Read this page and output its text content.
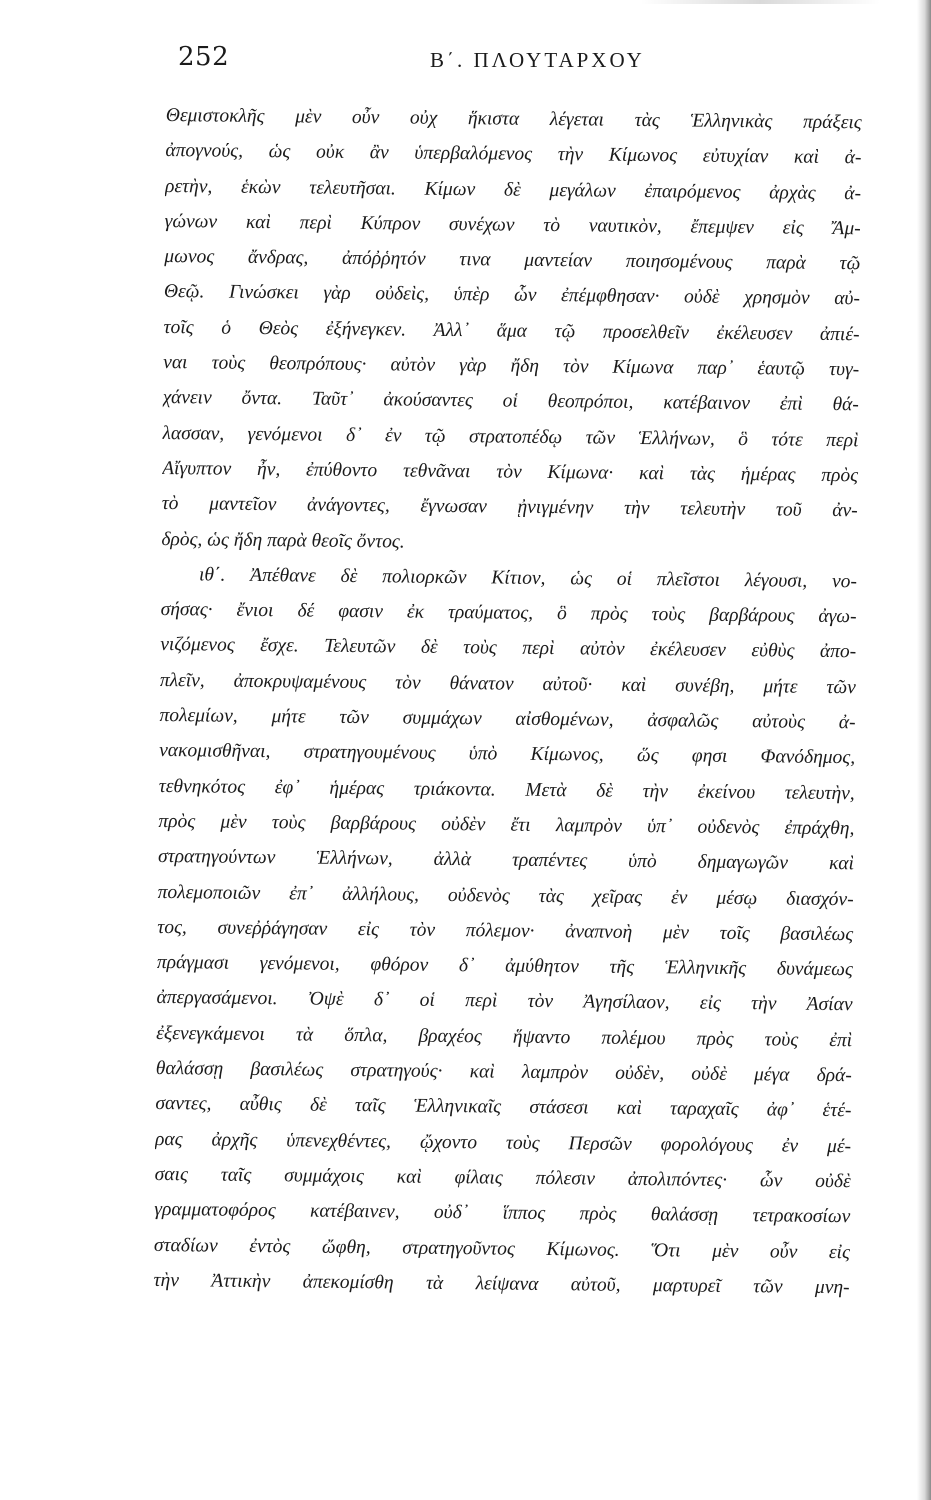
252	Β΄. ΠΛΟΥΤΑΡΧΟΥ
Θεμιστοκλῆς μὲν οὖν οὐχ ἥκιστα λέγεται τὰς Ἑλληνικὰς πράξεις
ἀπογνούς, ὡς οὐκ ἂν ὑπερβαλόμενος τὴν Κίμωνος εὐτυχίαν καὶ ἀ-
ρετὴν, ἑκὼν τελευτῆσαι. Κίμων δὲ μεγάλων ἐπαιρόμενος ἀρχὰς ἀ-
γώνων καὶ περὶ Κύπρον συνέχων τὸ ναυτικὸν, ἔπεμψεν εἰς Ἄμ-
μωνος ἄνδρας, ἀπόῤῥητόν τινα μαντείαν ποιησομένους παρὰ τῷ
Θεῷ. Γινώσκει γὰρ οὐδεὶς, ὑπὲρ ὧν ἐπέμφθησαν· οὐδὲ χρησμὸν αὐ-
τοῖς ὁ Θεὸς ἐξήνεγκεν. Ἀλλ᾽ ἅμα τῷ προσελθεῖν ἐκέλευσεν ἀπιέ-
ναι τοὺς θεοπρόπους· αὐτὸν γὰρ ἤδη τὸν Κίμωνα παρ᾽ ἑαυτῷ τυγ-
χάνειν ὄντα. Ταῦτ᾽ ἀκούσαντες οἱ θεοπρόποι, κατέβαινον ἐπὶ θά-
λασσαν, γενόμενοι δ᾽ ἐν τῷ στρατοπέδῳ τῶν Ἑλλήνων, ὃ τότε περὶ
Αἴγυπτον ἦν, ἐπύθοντο τεθνᾶναι τὸν Κίμωνα· καὶ τὰς ἡμέρας πρὸς
τὸ μαντεῖον ἀνάγοντες, ἔγνωσαν ᾐνιγμένην τὴν τελευτὴν τοῦ ἀν-
δρὸς, ὡς ἤδη παρὰ θεοῖς ὄντος.
ιθ΄. Ἀπέθανε δὲ πολιορκῶν Κίτιον, ὡς οἱ πλεῖστοι λέγουσι, νο-
σήσας· ἔνιοι δέ φασιν ἐκ τραύματος, ὃ πρὸς τοὺς βαρβάρους ἀγω-
νιζόμενος ἔσχε. Τελευτῶν δὲ τοὺς περὶ αὐτὸν ἐκέλευσεν εὐθὺς ἀπο-
πλεῖν, ἀποκρυψαμένους τὸν θάνατον αὐτοῦ· καὶ συνέβη, μήτε τῶν
πολεμίων, μήτε τῶν συμμάχων αἰσθομένων, ἀσφαλῶς αὐτοὺς ἀ-
νακομισθῆναι, στρατηγουμένους ὑπὸ Κίμωνος, ὥς φησι Φανόδημος,
τεθνηκότος ἐφ᾽ ἡμέρας τριάκοντα. Μετὰ δὲ τὴν ἐκείνου τελευτὴν,
πρὸς μὲν τοὺς βαρβάρους οὐδὲν ἔτι λαμπρὸν ὑπ᾽ οὐδενὸς ἐπράχθη,
στρατηγούντων Ἑλλήνων, ἀλλὰ τραπέντες ὑπὸ δημαγωγῶν καὶ
πολεμοποιῶν ἐπ᾽ ἀλλήλους, οὐδενὸς τὰς χεῖρας ἐν μέσῳ διασχόν-
τος, συνεῤῥάγησαν εἰς τὸν πόλεμον· ἀναπνοὴ μὲν τοῖς βασιλέως
πράγμασι γενόμενοι, φθόρον δ᾽ ἀμύθητον τῆς Ἑλληνικῆς δυνάμεως
ἀπεργασάμενοι. Ὀψὲ δ᾽ οἱ περὶ τὸν Ἀγησίλαον, εἰς τὴν Ἀσίαν
ἐξενεγκάμενοι τὰ ὅπλα, βραχέος ἥψαντο πολέμου πρὸς τοὺς ἐπὶ
θαλάσσῃ βασιλέως στρατηγούς· καὶ λαμπρὸν οὐδὲν, οὐδὲ μέγα δρά-
σαντες, αὖθις δὲ ταῖς Ἑλληνικαῖς στάσεσι καὶ ταραχαῖς ἀφ᾽ ἑτέ-
ρας ἀρχῆς ὑπενεχθέντες, ᾤχοντο τοὺς Περσῶν φορολόγους ἐν μέ-
σαις ταῖς συμμάχοις καὶ φίλαις πόλεσιν ἀπολιπόντες· ὧν οὐδὲ
γραμματοφόρος κατέβαινεν, οὐδ᾽ ἵππος πρὸς θαλάσσῃ τετρακοσίων
σταδίων ἐντὸς ὤφθη, στρατηγοῦντος Κίμωνος. Ὅτι μὲν οὖν εἰς
τὴν Ἀττικὴν ἀπεκομίσθη τὰ λείψανα αὐτοῦ, μαρτυρεῖ τῶν μνη-
